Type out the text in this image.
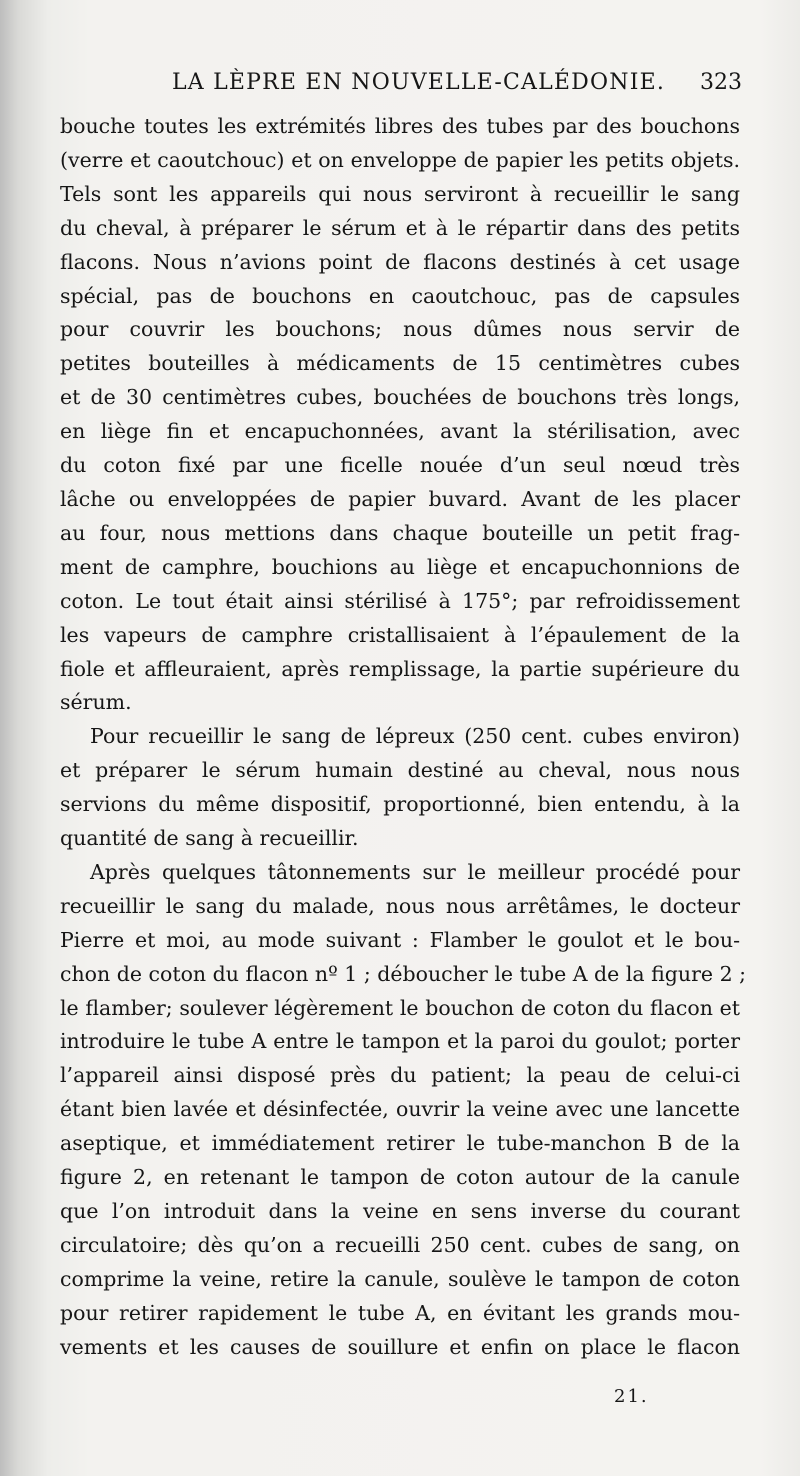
LA LÈPRE EN NOUVELLE-CALÉDONIE. 323
bouche toutes les extrémités libres des tubes par des bouchons
(verre et caoutchouc) et on enveloppe de papier les petits objets.
Tels sont les appareils qui nous serviront à recueillir le sang
du cheval, à préparer le sérum et à le répartir dans des petits
flacons. Nous n’avions point de flacons destinés à cet usage
spécial, pas de bouchons en caoutchouc, pas de capsules
pour couvrir les bouchons; nous dûmes nous servir de
petites bouteilles à médicaments de 15 centimètres cubes
et de 30 centimètres cubes, bouchées de bouchons très longs,
en liège fin et encapuchonnées, avant la stérilisation, avec
du coton fixé par une ficelle nouée d’un seul nœud très
lâche ou enveloppées de papier buvard. Avant de les placer
au four, nous mettions dans chaque bouteille un petit frag-
ment de camphre, bouchions au liège et encapuchonnions de
coton. Le tout était ainsi stérilisé à 175°; par refroidissement
les vapeurs de camphre cristallisaient à l’épaulement de la
fiole et affleuraient, après remplissage, la partie supérieure du
sérum.
Pour recueillir le sang de lépreux (250 cent. cubes environ)
et préparer le sérum humain destiné au cheval, nous nous
servions du même dispositif, proportionné, bien entendu, à la
quantité de sang à recueillir.
Après quelques tâtonnements sur le meilleur procédé pour
recueillir le sang du malade, nous nous arrêtâmes, le docteur
Pierre et moi, au mode suivant : Flamber le goulot et le bou-
chon de coton du flacon nº 1 ; déboucher le tube A de la figure 2 ;
le flamber; soulever légèrement le bouchon de coton du flacon et
introduire le tube A entre le tampon et la paroi du goulot; porter
l’appareil ainsi disposé près du patient; la peau de celui-ci
étant bien lavée et désinfectée, ouvrir la veine avec une lancette
aseptique, et immédiatement retirer le tube-manchon B de la
figure 2, en retenant le tampon de coton autour de la canule
que l’on introduit dans la veine en sens inverse du courant
circulatoire; dès qu’on a recueilli 250 cent. cubes de sang, on
comprime la veine, retire la canule, soulève le tampon de coton
pour retirer rapidement le tube A, en évitant les grands mou-
vements et les causes de souillure et enfin on place le flacon
21.
